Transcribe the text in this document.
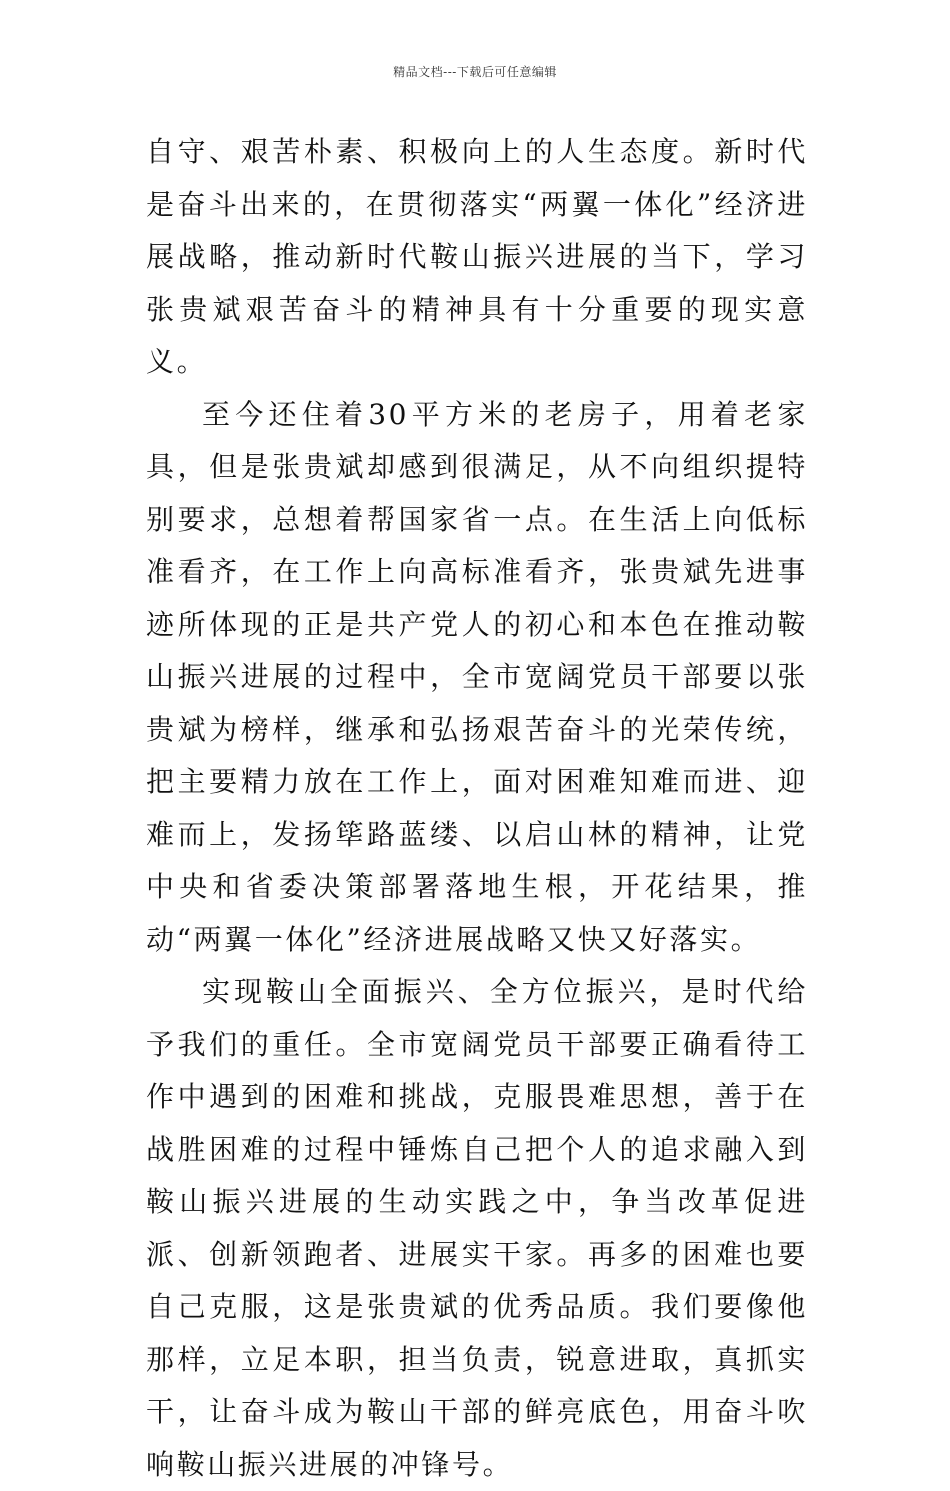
精品文档---下载后可任意编辑

自守、艰苦朴素、积极向上的人生态度。新时代是奋斗出来的，在贯彻落实“两翼一体化”经济进展战略，推动新时代鞍山振兴进展的当下，学习张贵斌艰苦奋斗的精神具有十分重要的现实意义。

至今还住着30平方米的老房子，用着老家具，但是张贵斌却感到很满足，从不向组织提特别要求，总想着帮国家省一点。在生活上向低标准看齐，在工作上向高标准看齐，张贵斌先进事迹所体现的正是共产党人的初心和本色在推动鞍山振兴进展的过程中，全市宽阔党员干部要以张贵斌为榜样，继承和弘扬艰苦奋斗的光荣传统，把主要精力放在工作上，面对困难知难而进、迎难而上，发扬筚路蓝缕、以启山林的精神，让党中央和省委决策部署落地生根，开花结果，推动“两翼一体化”经济进展战略又快又好落实。

实现鞍山全面振兴、全方位振兴，是时代给予我们的重任。全市宽阔党员干部要正确看待工作中遇到的困难和挑战，克服畏难思想，善于在战胜困难的过程中锤炼自己把个人的追求融入到鞍山振兴进展的生动实践之中，争当改革促进派、创新领跑者、进展实干家。再多的困难也要自己克服，这是张贵斌的优秀品质。我们要像他那样，立足本职，担当负责，锐意进取，真抓实干，让奋斗成为鞍山干部的鲜亮底色，用奋斗吹响鞍山振兴进展的冲锋号。
